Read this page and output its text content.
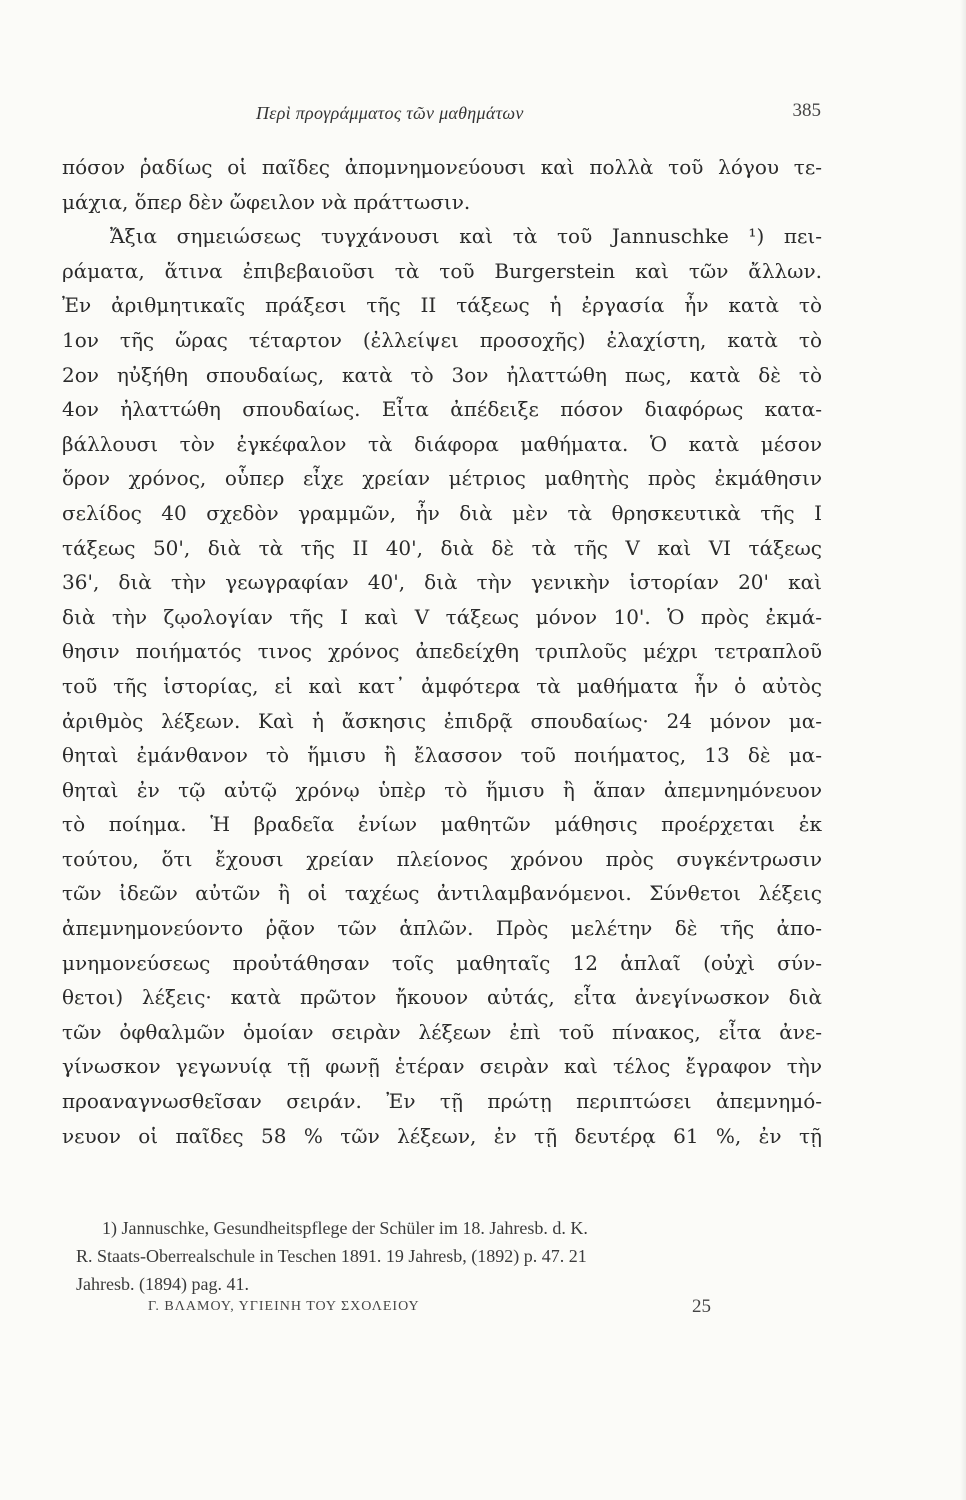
Περὶ προγράμματος τῶν μαθημάτων	385
πόσον ῥαδίως οἱ παῖδες ἀπομνημονεύουσι καὶ πολλὰ τοῦ λόγου τε-
μάχια, ὅπερ δὲν ὤφειλον νὰ πράττωσιν.
Ἄξια σημειώσεως τυγχάνουσι καὶ τὰ τοῦ Jannuschke ¹) πει-
ράματα, ἅτινα ἐπιβεβαιοῦσι τὰ τοῦ Burgerstein καὶ τῶν ἄλλων.
Ἐν ἀριθμητικαῖς πράξεσι τῆς II τάξεως ἡ ἐργασία ἦν κατὰ τὸ
1ον τῆς ὥρας τέταρτον (ἐλλείψει προσοχῆς) ἐλαχίστη, κατὰ τὸ
2ον ηὐξήθη σπουδαίως, κατὰ τὸ 3ον ἠλαττώθη πως, κατὰ δὲ τὸ
4ον ἠλαττώθη σπουδαίως. Εἶτα ἀπέδειξε πόσον διαφόρως κατα-
βάλλουσι τὸν ἐγκέφαλον τὰ διάφορα μαθήματα. Ὁ κατὰ μέσον
ὅρον χρόνος, οὗπερ εἶχε χρείαν μέτριος μαθητὴς πρὸς ἐκμάθησιν
σελίδος 40 σχεδὸν γραμμῶν, ἦν διὰ μὲν τὰ θρησκευτικὰ τῆς I
τάξεως 50', διὰ τὰ τῆς II 40', διὰ δὲ τὰ τῆς V καὶ VI τάξεως
36', διὰ τὴν γεωγραφίαν 40', διὰ τὴν γενικὴν ἱστορίαν 20' καὶ
διὰ τὴν ζῳολογίαν τῆς I καὶ V τάξεως μόνον 10'. Ὁ πρὸς ἐκμά-
θησιν ποιήματός τινος χρόνος ἀπεδείχθη τριπλοῦς μέχρι τετραπλοῦ
τοῦ τῆς ἱστορίας, εἰ καὶ κατ᾽ ἀμφότερα τὰ μαθήματα ἦν ὁ αὐτὸς
ἀριθμὸς λέξεων. Καὶ ἡ ἄσκησις ἐπιδρᾷ σπουδαίως· 24 μόνον μα-
θηταὶ ἐμάνθανον τὸ ἥμισυ ἢ ἔλασσον τοῦ ποιήματος, 13 δὲ μα-
θηταὶ ἐν τῷ αὐτῷ χρόνῳ ὑπὲρ τὸ ἥμισυ ἢ ἅπαν ἀπεμνημόνευον
τὸ ποίημα. Ἡ βραδεῖα ἐνίων μαθητῶν μάθησις προέρχεται ἐκ
τούτου, ὅτι ἔχουσι χρείαν πλείονος χρόνου πρὸς συγκέντρωσιν
τῶν ἰδεῶν αὐτῶν ἢ οἱ ταχέως ἀντιλαμβανόμενοι. Σύνθετοι λέξεις
ἀπεμνημονεύοντο ῥᾷον τῶν ἁπλῶν. Πρὸς μελέτην δὲ τῆς ἀπο-
μνημονεύσεως προὐτάθησαν τοῖς μαθηταῖς 12 ἁπλαῖ (οὐχὶ σύν-
θετοι) λέξεις· κατὰ πρῶτον ἤκουον αὐτάς, εἶτα ἀνεγίνωσκον διὰ
τῶν ὀφθαλμῶν ὁμοίαν σειρὰν λέξεων ἐπὶ τοῦ πίνακος, εἶτα ἀνε-
γίνωσκον γεγωνυίᾳ τῇ φωνῇ ἑτέραν σειρὰν καὶ τέλος ἔγραφον τὴν
προαναγνωσθεῖσαν σειράν. Ἐν τῇ πρώτῃ περιπτώσει ἀπεμνημό-
νευον οἱ παῖδες 58 % τῶν λέξεων, ἐν τῇ δευτέρᾳ 61 %, ἐν τῇ
1) Jannuschke, Gesundheitspflege der Schüler im 18. Jahresb. d. K.
R. Staats-Oberrealschule in Teschen 1891. 19 Jahresb, (1892) p. 47. 21
Jahresb. (1894) pag. 41.
Γ. ΒΛΑΜΟΥ, ΥΓΙΕΙΝΗ ΤΟΥ ΣΧΟΛΕΙΟΥ	25
